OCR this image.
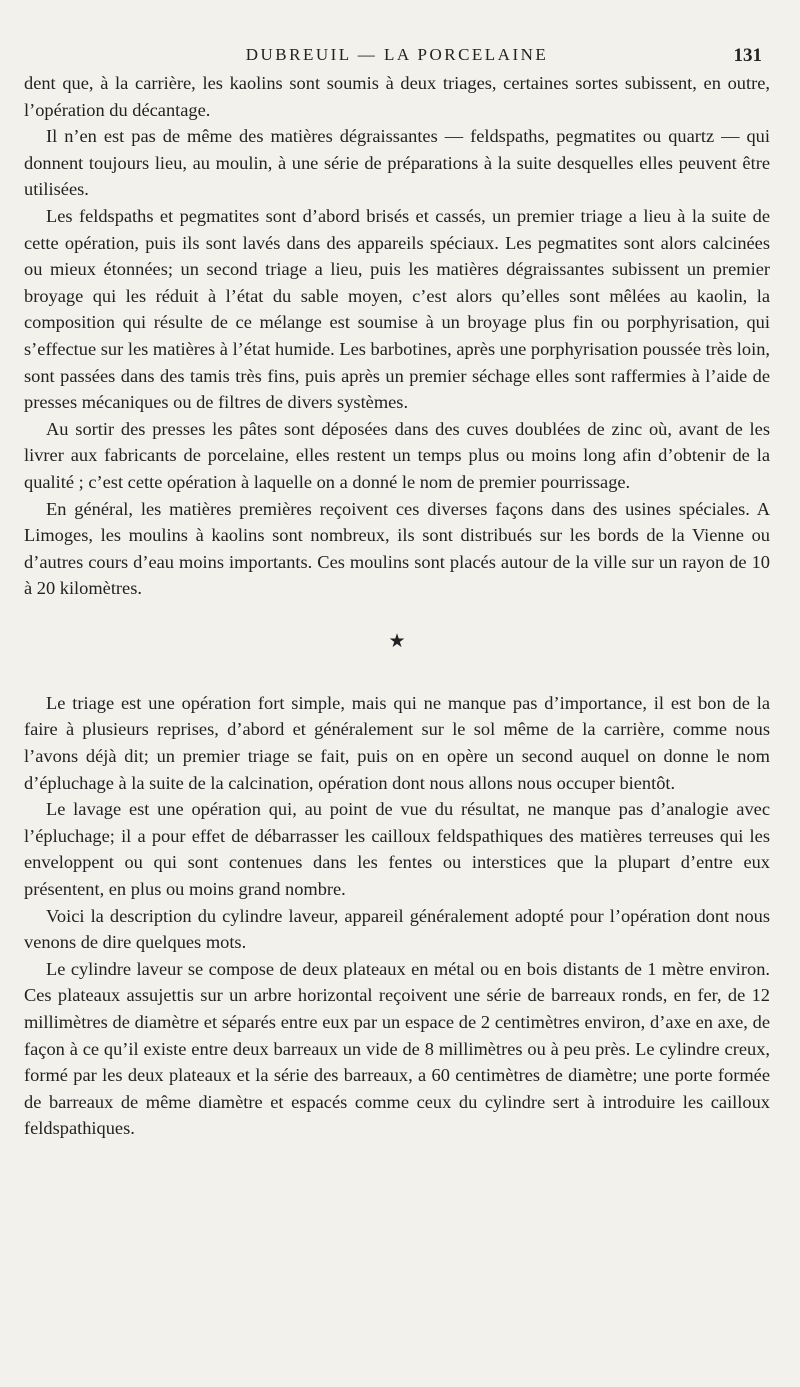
DUBREUIL — LA PORCELAINE	131

dent que, à la carrière, les kaolins sont soumis à deux triages, certaines sortes subissent, en outre, l’opération du décantage.

Il n’en est pas de même des matières dégraissantes — feldspaths, pegmatites ou quartz — qui donnent toujours lieu, au moulin, à une série de préparations à la suite desquelles elles peuvent être utilisées.

Les feldspaths et pegmatites sont d’abord brisés et cassés, un premier triage a lieu à la suite de cette opération, puis ils sont lavés dans des appareils spéciaux. Les pegmatites sont alors calcinées ou mieux étonnées; un second triage a lieu, puis les matières dégraissantes subissent un premier broyage qui les réduit à l’état du sable moyen, c’est alors qu’elles sont mêlées au kaolin, la composition qui résulte de ce mélange est soumise à un broyage plus fin ou porphyrisation, qui s’effectue sur les matières à l’état humide. Les barbotines, après une porphyrisation poussée très loin, sont passées dans des tamis très fins, puis après un premier séchage elles sont raffermies à l’aide de presses mécaniques ou de filtres de divers systèmes.

Au sortir des presses les pâtes sont déposées dans des cuves doublées de zinc où, avant de les livrer aux fabricants de porcelaine, elles restent un temps plus ou moins long afin d’obtenir de la qualité ; c’est cette opération à laquelle on a donné le nom de premier pourrissage.

En général, les matières premières reçoivent ces diverses façons dans des usines spéciales. A Limoges, les moulins à kaolins sont nombreux, ils sont distribués sur les bords de la Vienne ou d’autres cours d’eau moins importants. Ces moulins sont placés autour de la ville sur un rayon de 10 à 20 kilomètres.

★

Le triage est une opération fort simple, mais qui ne manque pas d’importance, il est bon de la faire à plusieurs reprises, d’abord et généralement sur le sol même de la carrière, comme nous l’avons déjà dit; un premier triage se fait, puis on en opère un second auquel on donne le nom d’épluchage à la suite de la calcination, opération dont nous allons nous occuper bientôt.

Le lavage est une opération qui, au point de vue du résultat, ne manque pas d’analogie avec l’épluchage; il a pour effet de débarrasser les cailloux feldspathiques des matières terreuses qui les enveloppent ou qui sont contenues dans les fentes ou interstices que la plupart d’entre eux présentent, en plus ou moins grand nombre.

Voici la description du cylindre laveur, appareil généralement adopté pour l’opération dont nous venons de dire quelques mots.

Le cylindre laveur se compose de deux plateaux en métal ou en bois distants de 1 mètre environ. Ces plateaux assujettis sur un arbre horizontal reçoivent une série de barreaux ronds, en fer, de 12 millimètres de diamètre et séparés entre eux par un espace de 2 centimètres environ, d’axe en axe, de façon à ce qu’il existe entre deux barreaux un vide de 8 millimètres ou à peu près. Le cylindre creux, formé par les deux plateaux et la série des barreaux, a 60 centimètres de diamètre; une porte formée de barreaux de même diamètre et espacés comme ceux du cylindre sert à introduire les cailloux feldspathiques.
